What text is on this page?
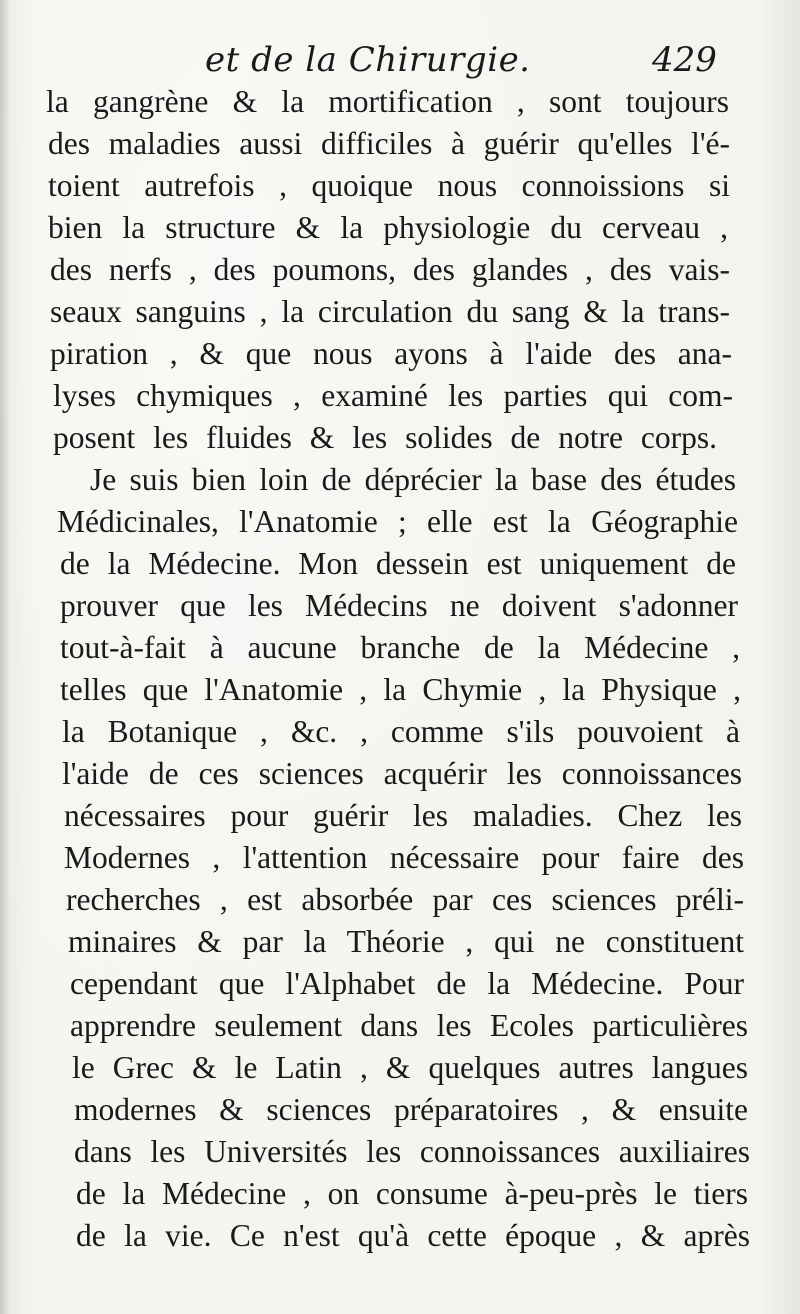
et de la Chirurgie.	429
la gangrène & la mortification , sont toujours
des maladies aussi difficiles à guérir qu'elles l'é-
toient autrefois , quoique nous connoissions si
bien la structure & la physiologie du cerveau ,
des nerfs , des poumons, des glandes , des vais-
seaux sanguins , la circulation du sang & la trans-
piration , & que nous ayons à l'aide des ana-
lyses chymiques , examiné les parties qui com-
posent les fluides & les solides de notre corps.
Je suis bien loin de déprécier la base des études
Médicinales, l'Anatomie ; elle est la Géographie
de la Médecine. Mon dessein est uniquement de
prouver que les Médecins ne doivent s'adonner
tout-à-fait à aucune branche de la Médecine ,
telles que l'Anatomie , la Chymie , la Physique ,
la Botanique , &c. , comme s'ils pouvoient à
l'aide de ces sciences acquérir les connoissances
nécessaires pour guérir les maladies. Chez les
Modernes , l'attention nécessaire pour faire des
recherches , est absorbée par ces sciences préli-
minaires & par la Théorie , qui ne constituent
cependant que l'Alphabet de la Médecine. Pour
apprendre seulement dans les Ecoles particulières
le Grec & le Latin , & quelques autres langues
modernes & sciences préparatoires , & ensuite
dans les Universités les connoissances auxiliaires
de la Médecine , on consume à-peu-près le tiers
de la vie. Ce n'est qu'à cette époque , & après
